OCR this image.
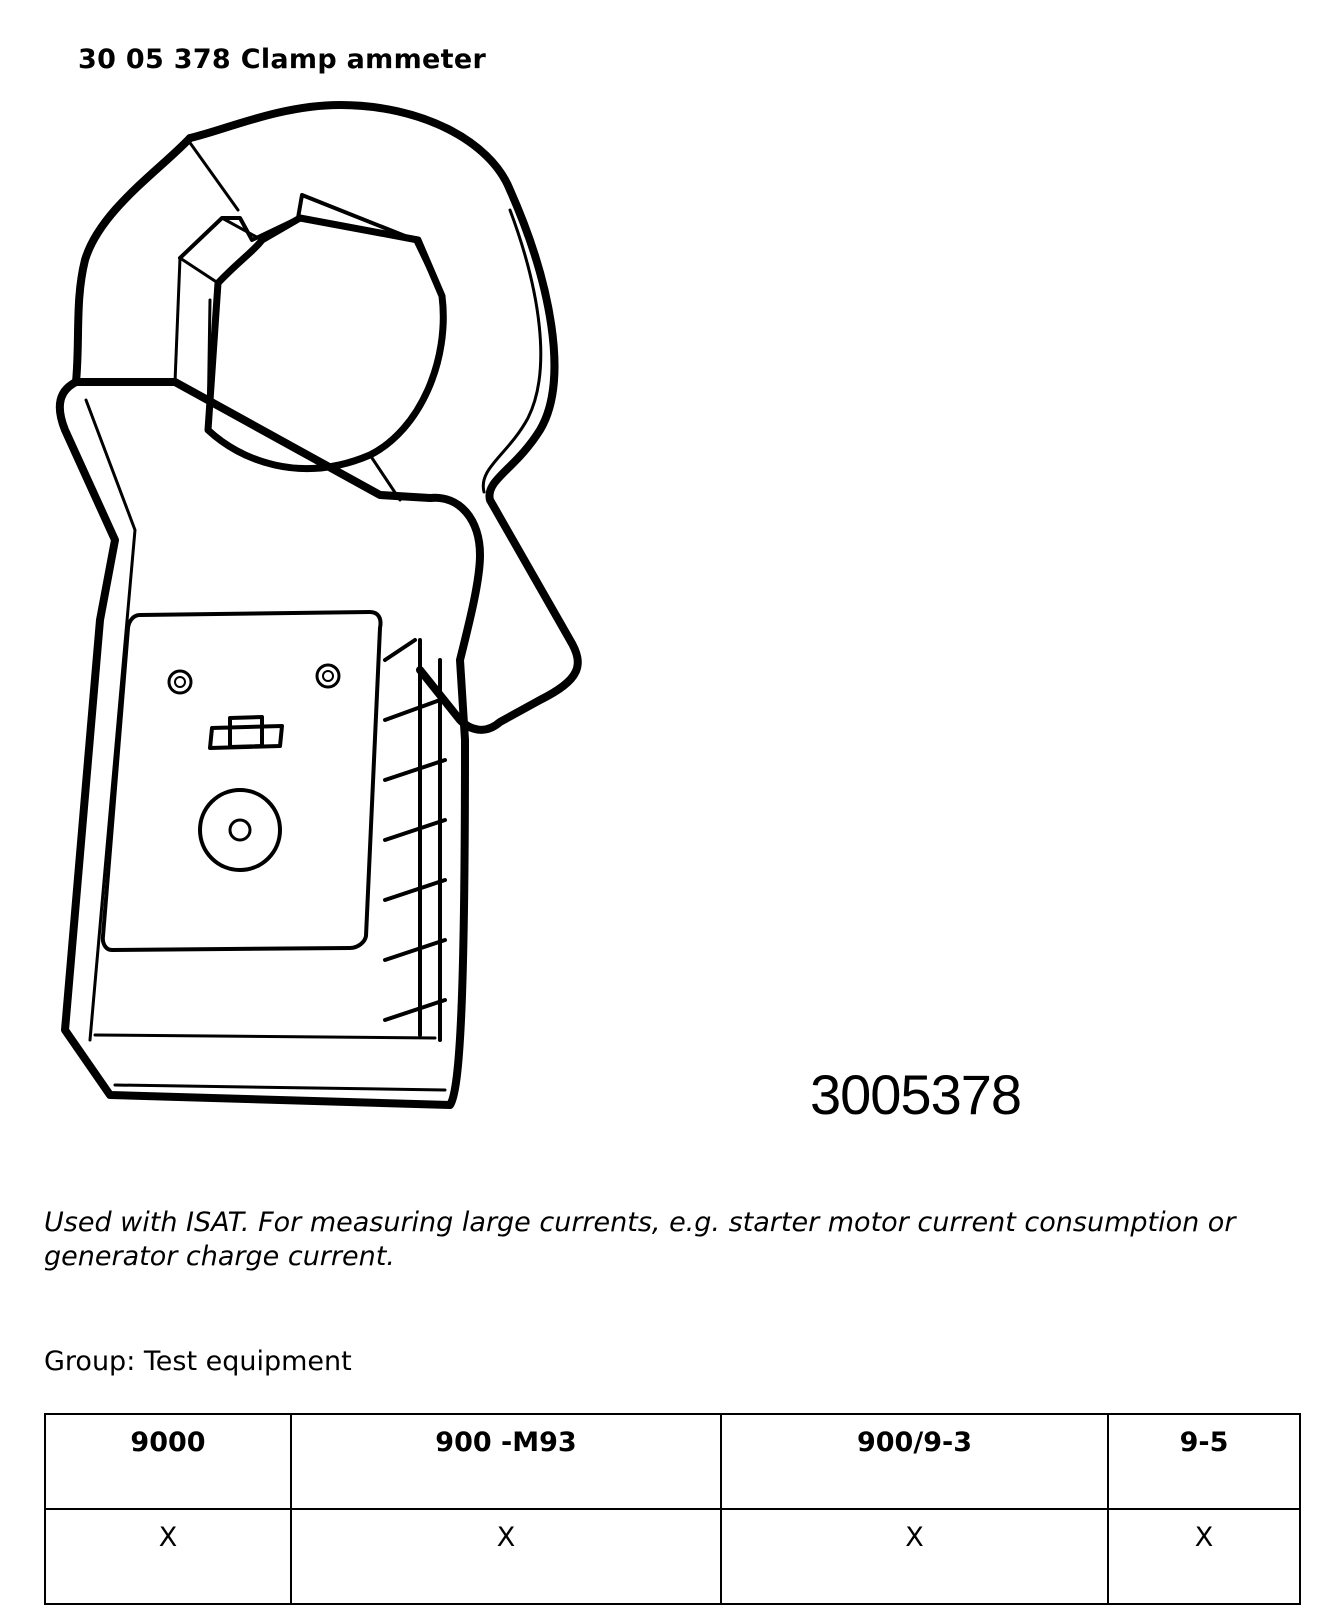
30 05 378 Clamp ammeter
3005378
Used with ISAT. For measuring large currents, e.g. starter motor current consumption or generator charge current.
Group: Test equipment
9000	900 -M93	900/9-3	9-5
X	X	X	X
